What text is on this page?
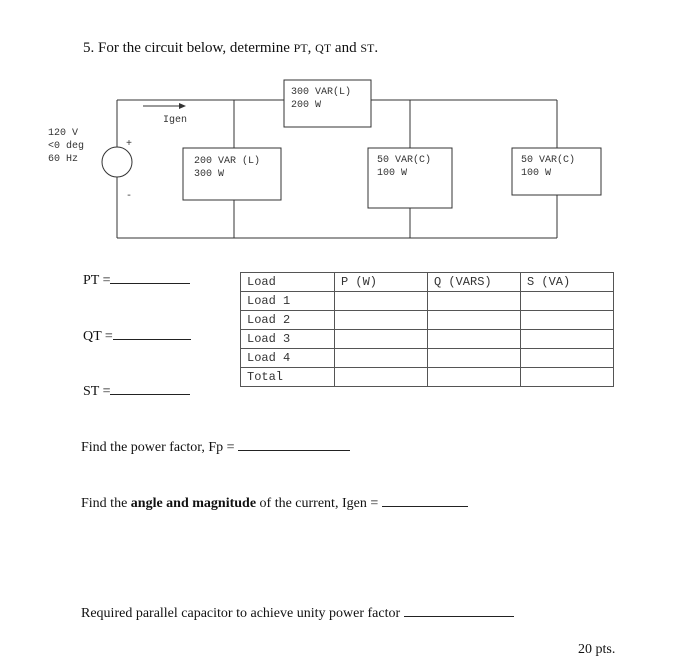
5. For the circuit below, determine PT, QT and ST.
Igen
+
-
120 V
<0 deg
60 Hz	200 VAR (L)
300 W
300 VAR(L)
200 W
50 VAR(C)
100 W
50 VAR(C)
100 W
PT =
QT =
ST =
Load	P (W)	Q (VARS)	S (VA)
Load 1			
Load 2			
Load 3			
Load 4			
Total			
Find the power factor, Fp =
Find the angle and magnitude of the current, Igen =
Required parallel capacitor to achieve unity power factor
20 pts.
